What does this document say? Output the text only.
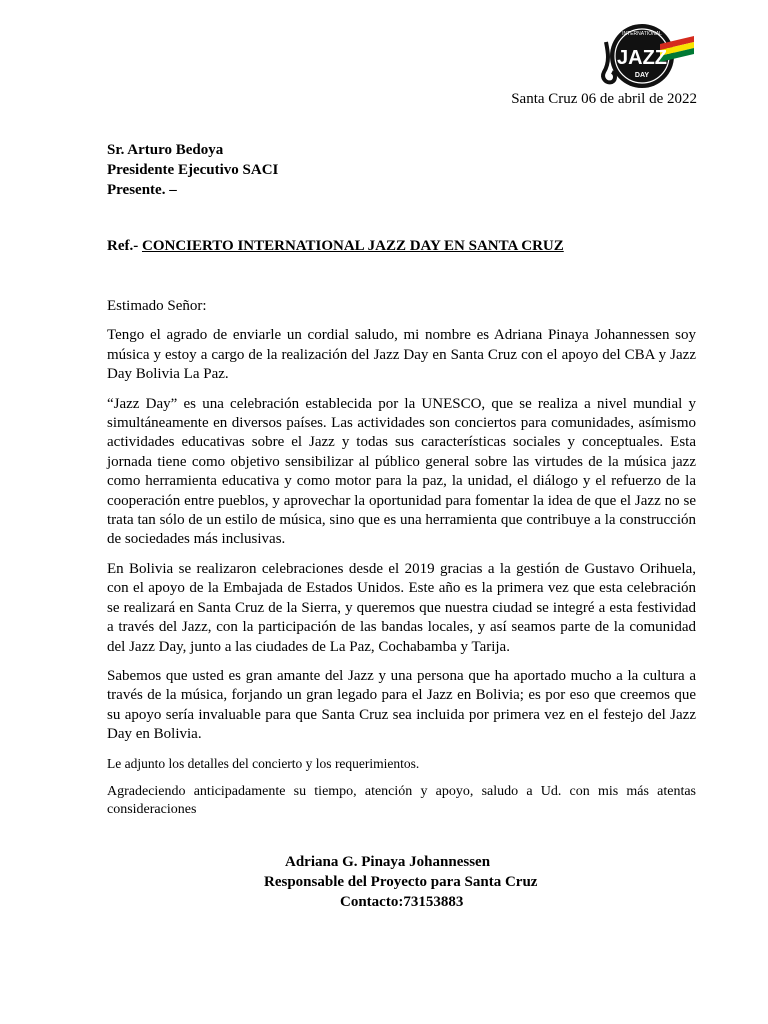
INTERNATIONAL
JAZZ
DAY
Santa Cruz 06 de abril de 2022
Sr. Arturo Bedoya
Presidente Ejecutivo SACI
Presente. –
Ref.- CONCIERTO INTERNATIONAL JAZZ DAY EN SANTA CRUZ

Estimado Señor:

Tengo el agrado de enviarle un cordial saludo, mi nombre es Adriana Pinaya Johannessen soy música y estoy a cargo de la realización del Jazz Day en Santa Cruz con el apoyo del CBA y Jazz Day Bolivia La Paz.

“Jazz Day” es una celebración establecida por la UNESCO, que se realiza a nivel mundial y simultáneamente en diversos países. Las actividades son conciertos para comunidades, asímismo actividades educativas sobre el Jazz y todas sus características sociales y conceptuales. Esta jornada tiene como objetivo sensibilizar al público general sobre las virtudes de la música jazz como herramienta educativa y como motor para la paz, la unidad, el diálogo y el refuerzo de la cooperación entre pueblos, y aprovechar la oportunidad para fomentar la idea de que el Jazz no se trata tan sólo de un estilo de música, sino que es una herramienta que contribuye a la construcción de sociedades más inclusivas.

En Bolivia se realizaron celebraciones desde el 2019 gracias a la gestión de Gustavo Orihuela, con el apoyo de la Embajada de Estados Unidos. Este año es la primera vez que esta celebración se realizará en Santa Cruz de la Sierra, y queremos que nuestra ciudad se integré a esta festividad a través del Jazz, con la participación de las bandas locales, y así seamos parte de la comunidad del Jazz Day, junto a las ciudades de La Paz, Cochabamba y Tarija.

Sabemos que usted es gran amante del Jazz y una persona que ha aportado mucho a la cultura a través de la música, forjando un gran legado para el Jazz en Bolivia; es por eso que creemos que su apoyo sería invaluable para que Santa Cruz sea incluida por primera vez en el festejo del Jazz Day en Bolivia.

Le adjunto los detalles del concierto y los requerimientos.

Agradeciendo anticipadamente su tiempo, atención y apoyo, saludo a Ud. con mis más atentas consideraciones

Adriana G. Pinaya Johannessen
Responsable del Proyecto para Santa Cruz
Contacto:73153883
